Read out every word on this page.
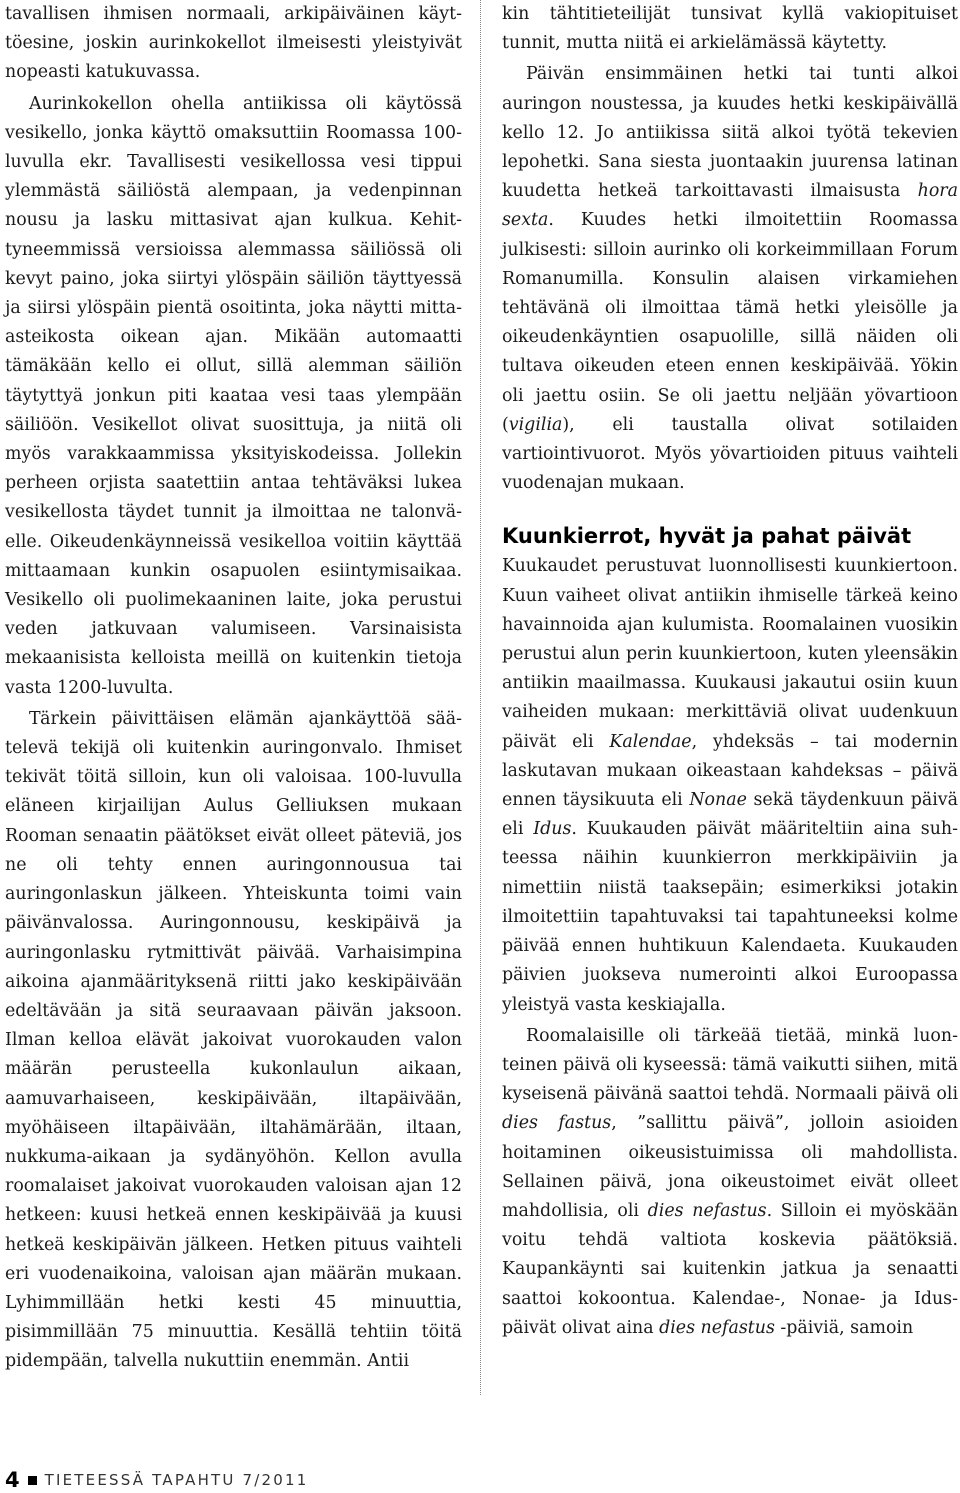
tavallisen ihmisen normaali, arkipäiväinen käyttöesine, joskin aurinkokellot ilmeisesti yleistyivät nopeasti katukuvassa.

Aurinkokellon ohella antiikissa oli käytössä vesikello, jonka käyttö omaksuttiin Roomassa 100-luvulla ekr. Tavallisesti vesikellossa vesi tippui ylemmästä säiliöstä alempaan, ja vedenpinnan nousu ja lasku mittasivat ajan kulkua. Kehittyneemmissä versioissa alemmassa säiliössä oli kevyt paino, joka siirtyi ylöspäin säiliön täyttyessä ja siirsi ylöspäin pientä osoitinta, joka näytti mitta-asteikosta oikean ajan. Mikään automaatti tämäkään kello ei ollut, sillä alemman säiliön täytyttyä jonkun piti kaataa vesi taas ylempään säiliöön. Vesikellot olivat suosittuja, ja niitä oli myös varakkaammissa yksityiskodeissa. Jollekin perheen orjista saatettiin antaa tehtäväksi lukea vesikellosta täydet tunnit ja ilmoittaa ne talonväelle. Oikeudenkäynneissä vesikelloa voitiin käyttää mittaamaan kunkin osapuolen esiintymisaikaa. Vesikello oli puolimekaaninen laite, joka perustui veden jatkuvaan valumiseen. Varsinaisista mekaanisista kelloista meillä on kuitenkin tietoja vasta 1200-luvulta.

Tärkein päivittäisen elämän ajankäyttöä säätelevä tekijä oli kuitenkin auringonvalo. Ihmiset tekivät töitä silloin, kun oli valoisaa. 100-luvulla eläneen kirjailijan Aulus Gelliuksen mukaan Rooman senaatin päätökset eivät olleet päteviä, jos ne oli tehty ennen auringonnousua tai auringonlaskun jälkeen. Yhteiskunta toimi vain päivänvalossa. Auringonnousu, keskipäivä ja auringonlasku rytmittivät päivää. Varhaisimpina aikoina ajanmäärityksenä riitti jako keskipäivään edeltävään ja sitä seuraavaan päivän jaksoon. Ilman kelloa elävät jakoivat vuorokauden valon määrän perusteella kukonlaulun aikaan, aamuvarhaiseen, keskipäivään, iltapäivään, myöhäiseen iltapäivään, iltahämärään, iltaan, nukkuma-aikaan ja sydänyöhön. Kellon avulla roomalaiset jakoivat vuorokauden valoisan ajan 12 hetkeen: kuusi hetkeä ennen keskipäivää ja kuusi hetkeä keskipäivän jälkeen. Hetken pituus vaihteli eri vuodenaikoina, valoisan ajan määrän mukaan. Lyhimmillään hetki kesti 45 minuuttia, pisimmillään 75 minuuttia. Kesällä tehtiin töitä pidempään, talvella nukuttiin enemmän. Antii

kin tähtitieteilijät tunsivat kyllä vakiopituiset tunnit, mutta niitä ei arkielämässä käytetty.

Päivän ensimmäinen hetki tai tunti alkoi auringon noustessa, ja kuudes hetki keskipäivällä kello 12. Jo antiikissa siitä alkoi työtä tekevien lepohetki. Sana siesta juontaakin juurensa latinan kuudetta hetkeä tarkoittavasti ilmaisusta hora sexta. Kuudes hetki ilmoitettiin Roomassa julkisesti: silloin aurinko oli korkeimmillaan Forum Romanumilla. Konsulin alaisen virkamiehen tehtävänä oli ilmoittaa tämä hetki yleisölle ja oikeudenkäyntien osapuolille, sillä näiden oli tultava oikeuden eteen ennen keskipäivää. Yökin oli jaettu osiin. Se oli jaettu neljään yövartioon (vigilia), eli taustalla olivat sotilaiden vartiointivuorot. Myös yövartioiden pituus vaihteli vuodenajan mukaan.

Kuunkierrot, hyvät ja pahat päivät

Kuukaudet perustuvat luonnollisesti kuunkiertoon. Kuun vaiheet olivat antiikin ihmiselle tärkeä keino havainnoida ajan kulumista. Roomalainen vuosikin perustui alun perin kuunkiertoon, kuten yleensäkin antiikin maailmassa. Kuukausi jakautui osiin kuun vaiheiden mukaan: merkittäviä olivat uudenkuun päivät eli Kalendae, yhdeksäs – tai modernin laskutavan mukaan oikeastaan kahdeksas – päivä ennen täysikuuta eli Nonae sekä täydenkuun päivä eli Idus. Kuukauden päivät määriteltiin aina suhteessa näihin kuunkierron merkkipäiviin ja nimettiin niistä taaksepäin; esimerkiksi jotakin ilmoitettiin tapahtuvaksi tai tapahtuneeksi kolme päivää ennen huhtikuun Kalendaeta. Kuukauden päivien juokseva numerointi alkoi Euroopassa yleistyä vasta keskiajalla.

Roomalaisille oli tärkeää tietää, minkä luonteinen päivä oli kyseessä: tämä vaikutti siihen, mitä kyseisenä päivänä saattoi tehdä. Normaali päivä oli dies fastus, ”sallittu päivä”, jolloin asioiden hoitaminen oikeusistuimissa oli mahdollista. Sellainen päivä, jona oikeustoimet eivät olleet mahdollisia, oli dies nefastus. Silloin ei myöskään voitu tehdä valtiota koskevia päätöksiä. Kaupankäynti sai kuitenkin jatkua ja senaatti saattoi kokoontua. Kalendae-, Nonae- ja Idus-päivät olivat aina dies nefastus -päiviä, samoin

4 TIETEESSÄ TAPAHTU 7/2011
